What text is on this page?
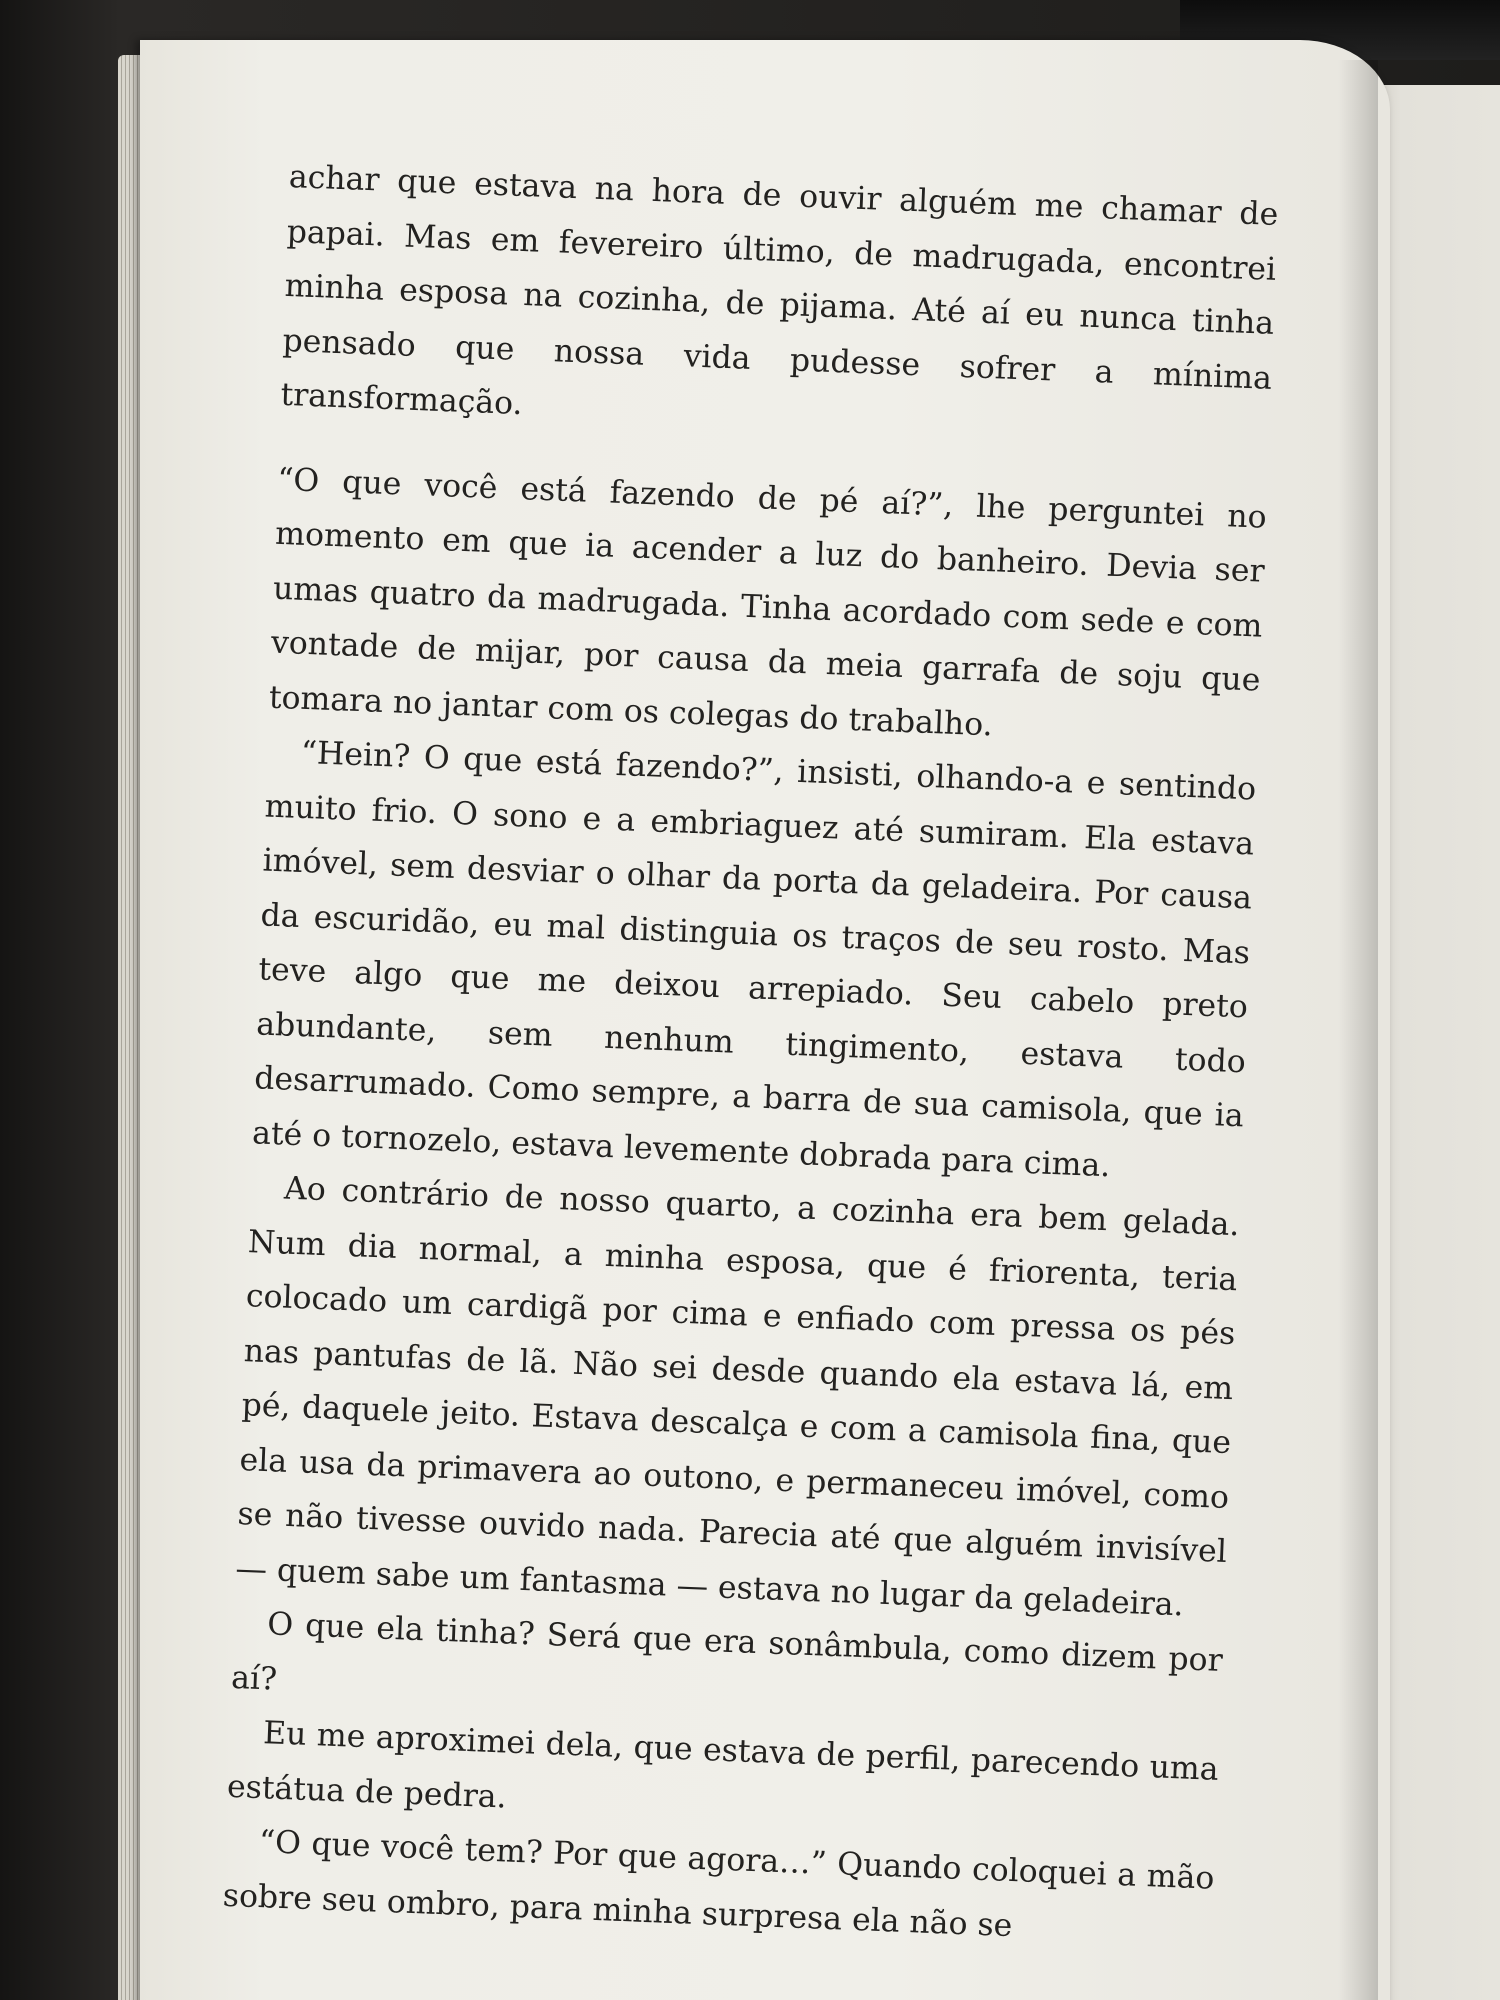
achar que estava na hora de ouvir alguém me chamar de papai. Mas em fevereiro último, de madrugada, encontrei minha esposa na cozinha, de pijama. Até aí eu nunca tinha pensado que nossa vida pudesse sofrer a mínima transformação.

“O que você está fazendo de pé aí?”, lhe perguntei no momento em que ia acender a luz do banheiro. Devia ser umas quatro da madrugada. Tinha acordado com sede e com vontade de mijar, por causa da meia garrafa de soju que tomara no jantar com os colegas do trabalho.

“Hein? O que está fazendo?”, insisti, olhando-a e sentindo muito frio. O sono e a embriaguez até sumiram. Ela estava imóvel, sem desviar o olhar da porta da geladeira. Por causa da escuridão, eu mal distinguia os traços de seu rosto. Mas teve algo que me deixou arrepiado. Seu cabelo preto abundante, sem nenhum tingimento, estava todo desarrumado. Como sempre, a barra de sua camisola, que ia até o tornozelo, estava levemente dobrada para cima.

Ao contrário de nosso quarto, a cozinha era bem gelada. Num dia normal, a minha esposa, que é friorenta, teria colocado um cardigã por cima e enfiado com pressa os pés nas pantufas de lã. Não sei desde quando ela estava lá, em pé, daquele jeito. Estava descalça e com a camisola fina, que ela usa da primavera ao outono, e permaneceu imóvel, como se não tivesse ouvido nada. Parecia até que alguém invisível — quem sabe um fantasma — estava no lugar da geladeira.

O que ela tinha? Será que era sonâmbula, como dizem por aí?

Eu me aproximei dela, que estava de perfil, parecendo uma estátua de pedra.

“O que você tem? Por que agora…” Quando coloquei a mão sobre seu ombro, para minha surpresa ela não se
